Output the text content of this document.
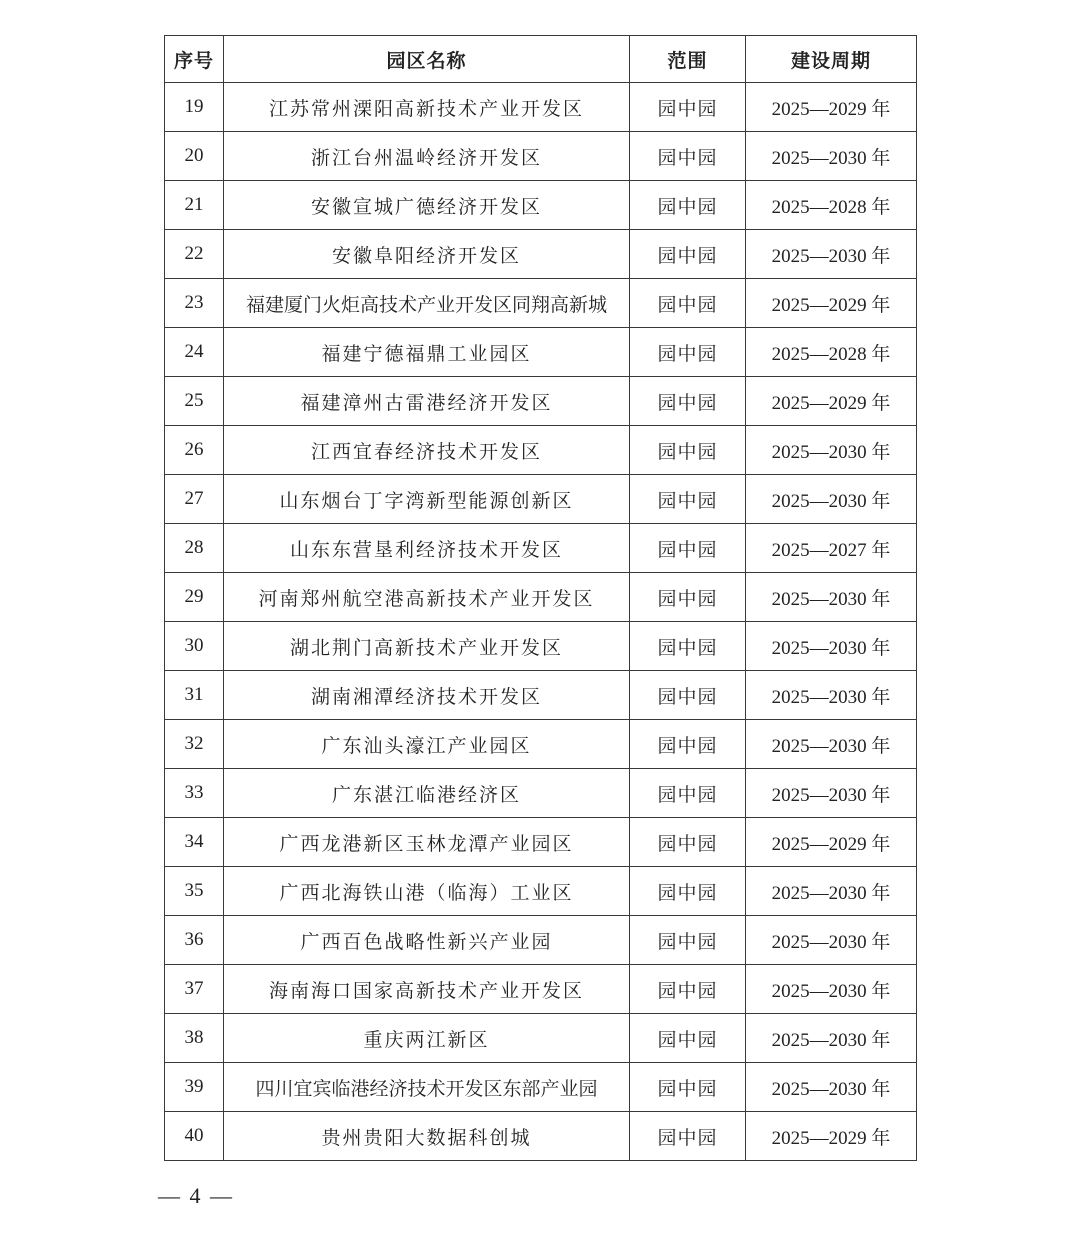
序号	园区名称	范围	建设周期
19	江苏常州溧阳高新技术产业开发区	园中园	2025—2029 年
20	浙江台州温岭经济开发区	园中园	2025—2030 年
21	安徽宣城广德经济开发区	园中园	2025—2028 年
22	安徽阜阳经济开发区	园中园	2025—2030 年
23	福建厦门火炬高技术产业开发区同翔高新城	园中园	2025—2029 年
24	福建宁德福鼎工业园区	园中园	2025—2028 年
25	福建漳州古雷港经济开发区	园中园	2025—2029 年
26	江西宜春经济技术开发区	园中园	2025—2030 年
27	山东烟台丁字湾新型能源创新区	园中园	2025—2030 年
28	山东东营垦利经济技术开发区	园中园	2025—2027 年
29	河南郑州航空港高新技术产业开发区	园中园	2025—2030 年
30	湖北荆门高新技术产业开发区	园中园	2025—2030 年
31	湖南湘潭经济技术开发区	园中园	2025—2030 年
32	广东汕头濠江产业园区	园中园	2025—2030 年
33	广东湛江临港经济区	园中园	2025—2030 年
34	广西龙港新区玉林龙潭产业园区	园中园	2025—2029 年
35	广西北海铁山港（临海）工业区	园中园	2025—2030 年
36	广西百色战略性新兴产业园	园中园	2025—2030 年
37	海南海口国家高新技术产业开发区	园中园	2025—2030 年
38	重庆两江新区	园中园	2025—2030 年
39	四川宜宾临港经济技术开发区东部产业园	园中园	2025—2030 年
40	贵州贵阳大数据科创城	园中园	2025—2029 年
— 4 —
